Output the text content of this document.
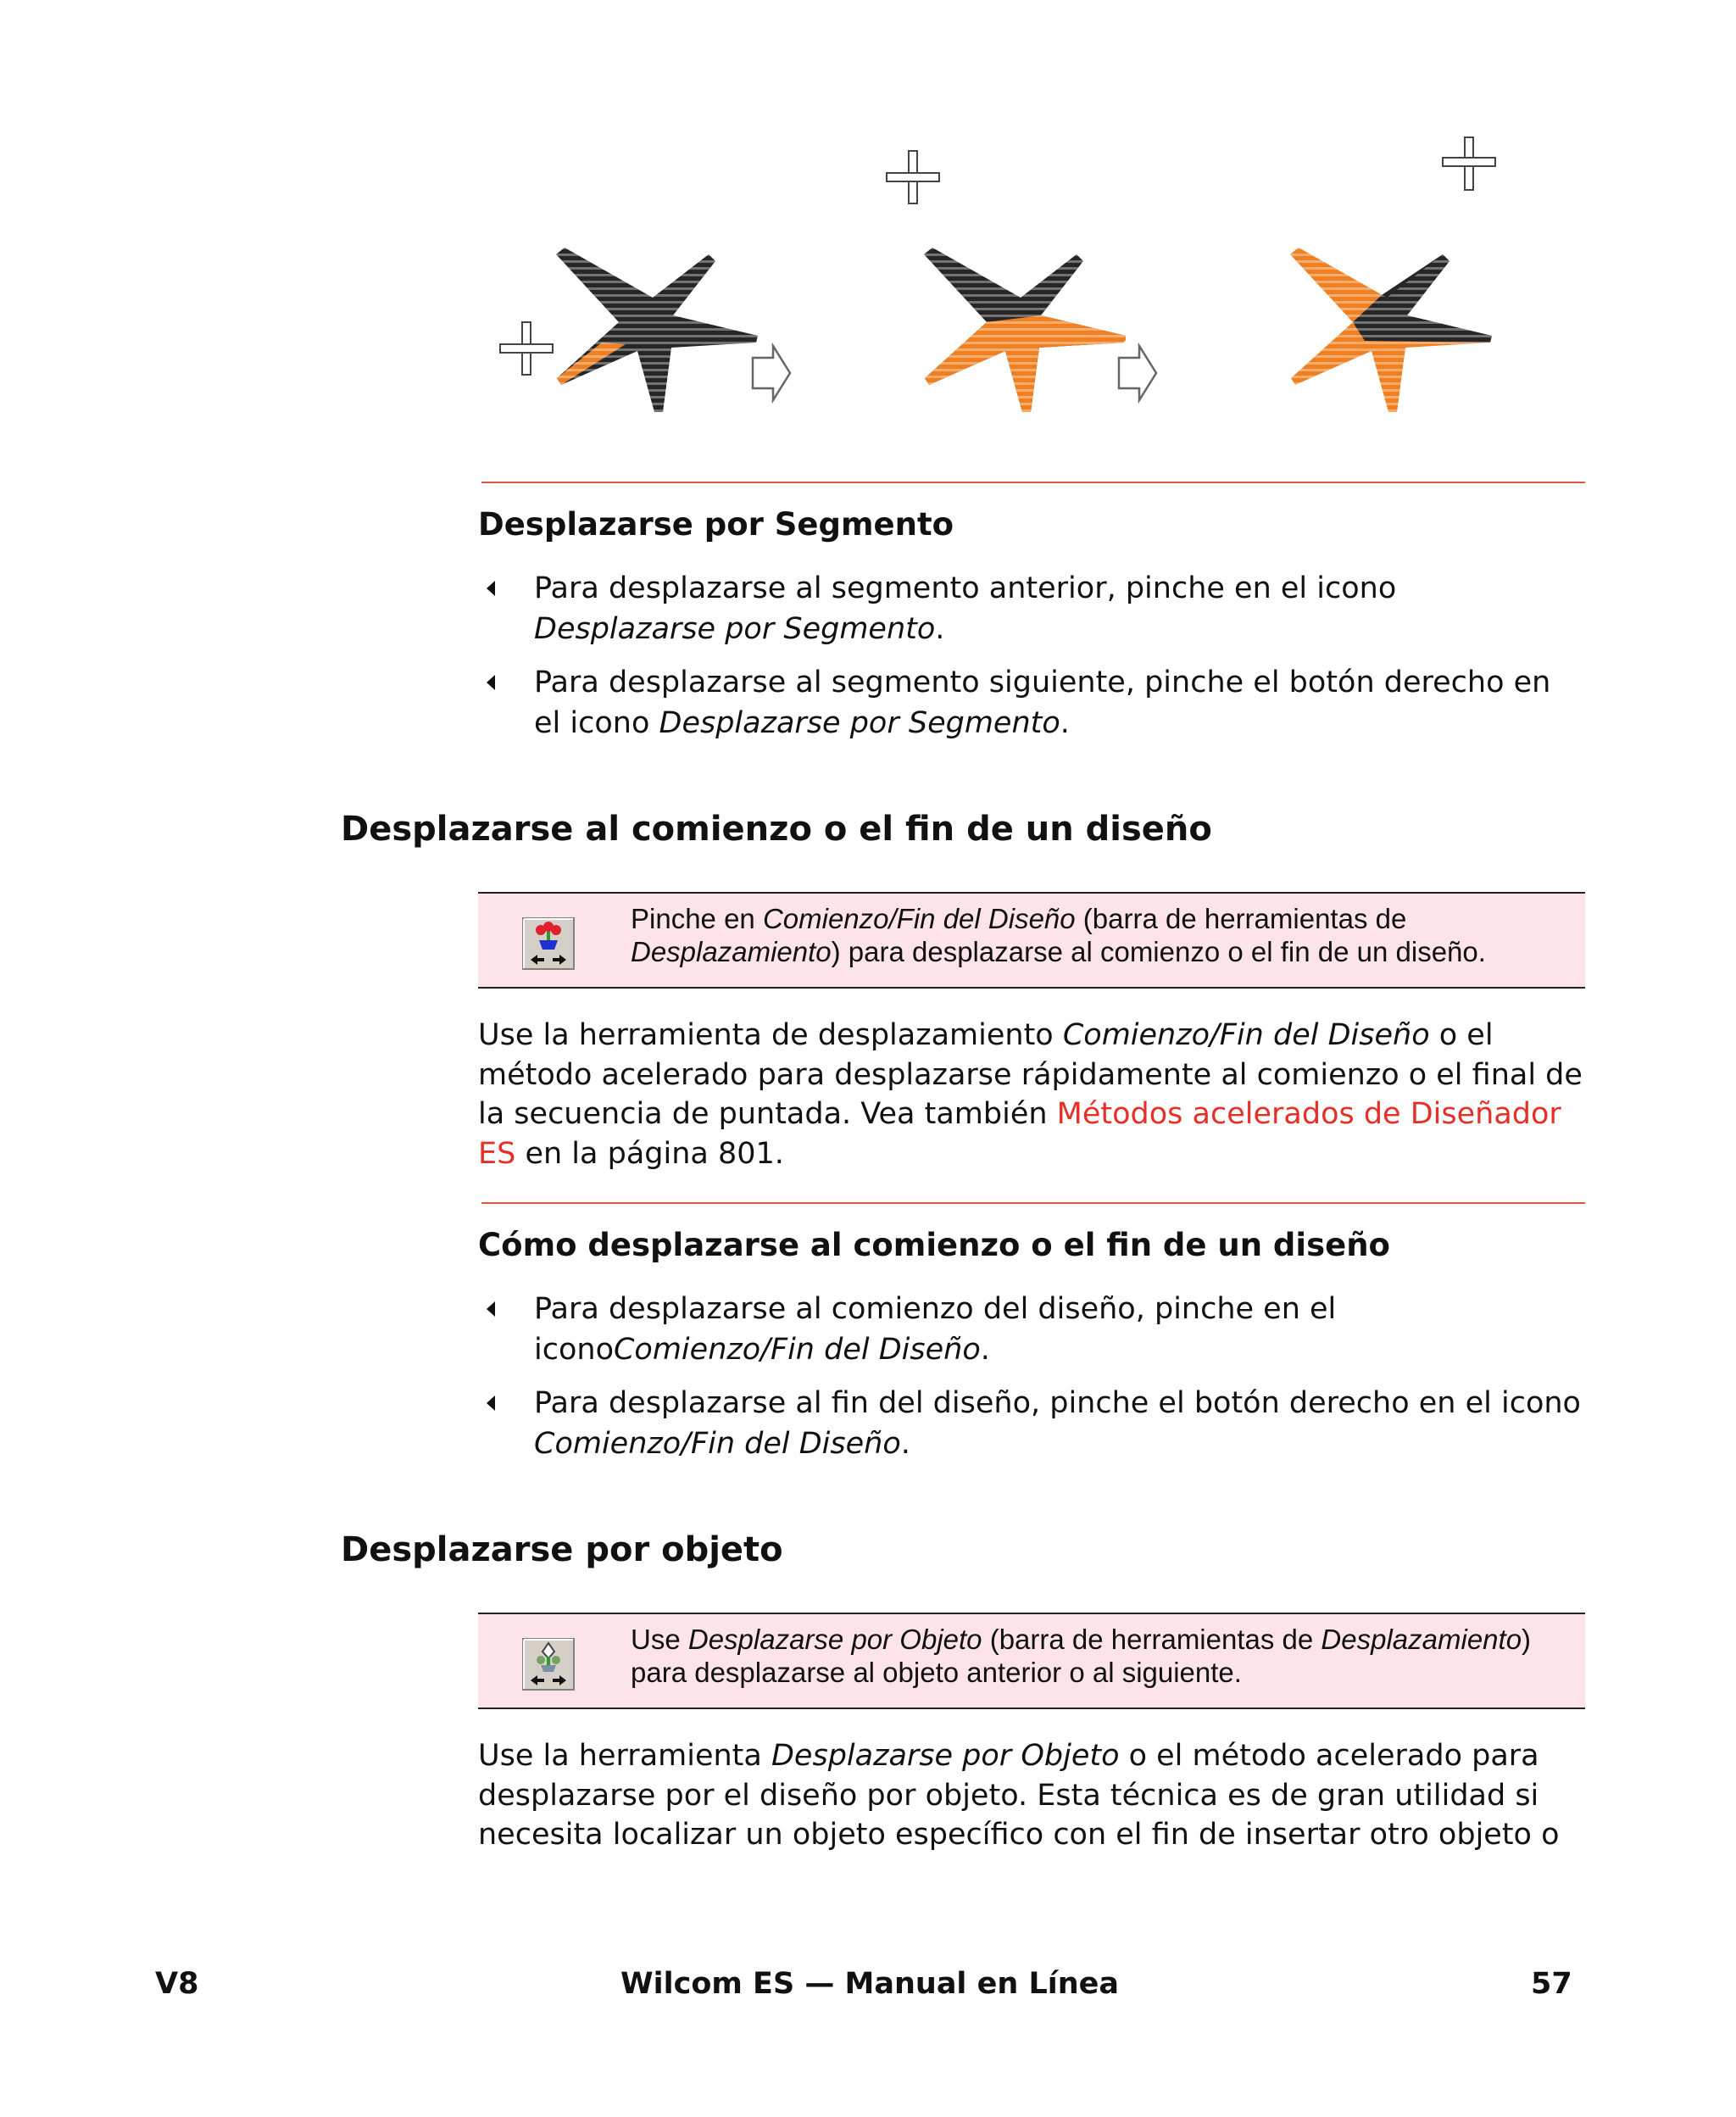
Desplazarse por Segmento
Para desplazarse al segmento anterior, pinche en el icono Desplazarse por Segmento.
Para desplazarse al segmento siguiente, pinche el botón derecho en el icono Desplazarse por Segmento.
Desplazarse al comienzo o el fin de un diseño
Pinche en Comienzo/Fin del Diseño (barra de herramientas de Desplazamiento) para desplazarse al comienzo o el fin de un diseño.
Use la herramienta de desplazamiento Comienzo/Fin del Diseño o el método acelerado para desplazarse rápidamente al comienzo o el final de la secuencia de puntada. Vea también Métodos acelerados de Diseñador ES en la página 801.
Cómo desplazarse al comienzo o el fin de un diseño
Para desplazarse al comienzo del diseño, pinche en el iconoComienzo/Fin del Diseño.
Para desplazarse al fin del diseño, pinche el botón derecho en el icono Comienzo/Fin del Diseño.
Desplazarse por objeto
Use Desplazarse por Objeto (barra de herramientas de Desplazamiento) para desplazarse al objeto anterior o al siguiente.
Use la herramienta Desplazarse por Objeto o el método acelerado para desplazarse por el diseño por objeto. Esta técnica es de gran utilidad si necesita localizar un objeto específico con el fin de insertar otro objeto o
V8	Wilcom ES — Manual en Línea	57
